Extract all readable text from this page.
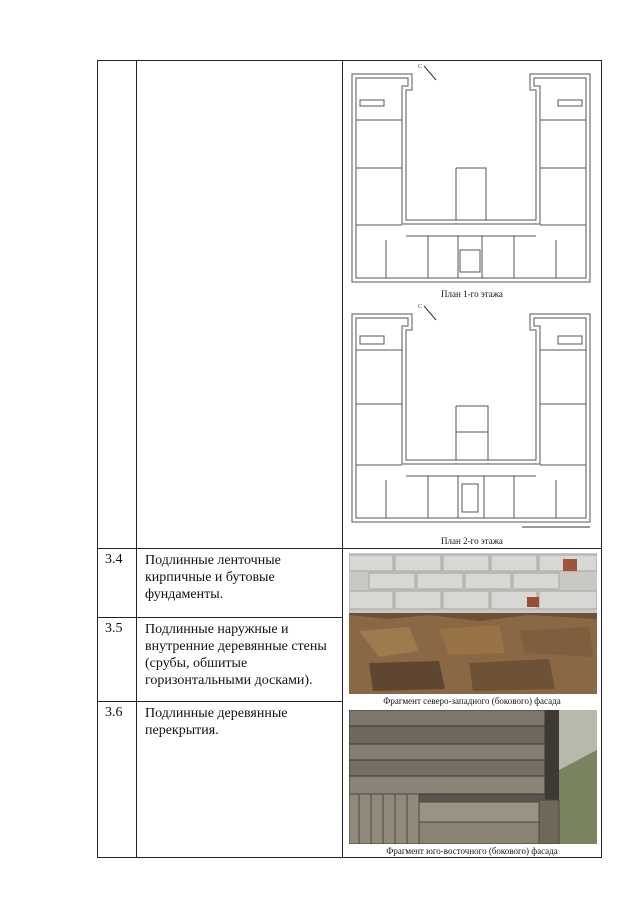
С
План 1-го этажа
С
План 2-го этажа
3.4 Подлинные ленточные кирпичные и бутовые фундаменты.
3.5 Подлинные наружные и внутренние деревянные стены (срубы, обшитые горизонтальными досками).
3.6 Подлинные деревянные перекрытия.
Фрагмент северо-западного (бокового) фасада
Фрагмент юго-восточного (бокового) фасада
